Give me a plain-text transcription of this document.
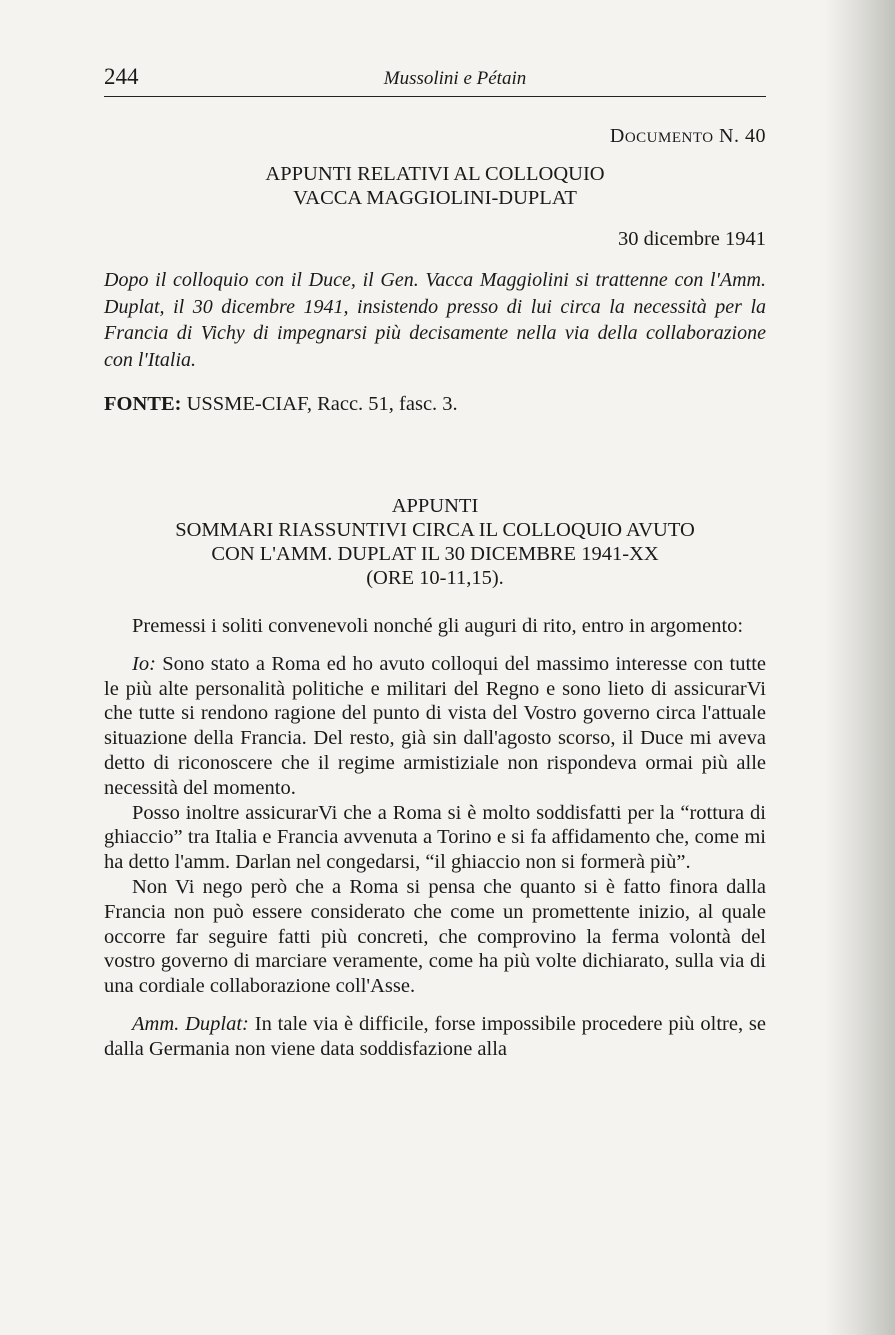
244	Mussolini e Pétain
DOCUMENTO N. 40
APPUNTI RELATIVI AL COLLOQUIO
VACCA MAGGIOLINI-DUPLAT
30 dicembre 1941

Dopo il colloquio con il Duce, il Gen. Vacca Maggiolini si trattenne con l'Amm. Duplat, il 30 dicembre 1941, insistendo presso di lui circa la necessità per la Francia di Vichy di impegnarsi più decisamente nella via della collaborazione con l'Italia.

FONTE: USSME-CIAF, Racc. 51, fasc. 3.
APPUNTI
SOMMARI RIASSUNTIVI CIRCA IL COLLOQUIO AVUTO
CON L'AMM. DUPLAT IL 30 DICEMBRE 1941-XX
(ORE 10-11,15).

Premessi i soliti convenevoli nonché gli auguri di rito, entro in argomento:

Io: Sono stato a Roma ed ho avuto colloqui del massimo interesse con tutte le più alte personalità politiche e militari del Regno e sono lieto di assicurarVi che tutte si rendono ragione del punto di vista del Vostro governo circa l'attuale situazione della Francia. Del resto, già sin dall'agosto scorso, il Duce mi aveva detto di riconoscere che il regime armistiziale non rispondeva ormai più alle necessità del momento.

Posso inoltre assicurarVi che a Roma si è molto soddisfatti per la “rottura di ghiaccio” tra Italia e Francia avvenuta a Torino e si fa affidamento che, come mi ha detto l'amm. Darlan nel congedarsi, “il ghiaccio non si formerà più”.

Non Vi nego però che a Roma si pensa che quanto si è fatto finora dalla Francia non può essere considerato che come un promettente inizio, al quale occorre far seguire fatti più concreti, che comprovino la ferma volontà del vostro governo di marciare veramente, come ha più volte dichiarato, sulla via di una cordiale collaborazione coll'Asse.

Amm. Duplat: In tale via è difficile, forse impossibile procedere più oltre, se dalla Germania non viene data soddisfazione alla
